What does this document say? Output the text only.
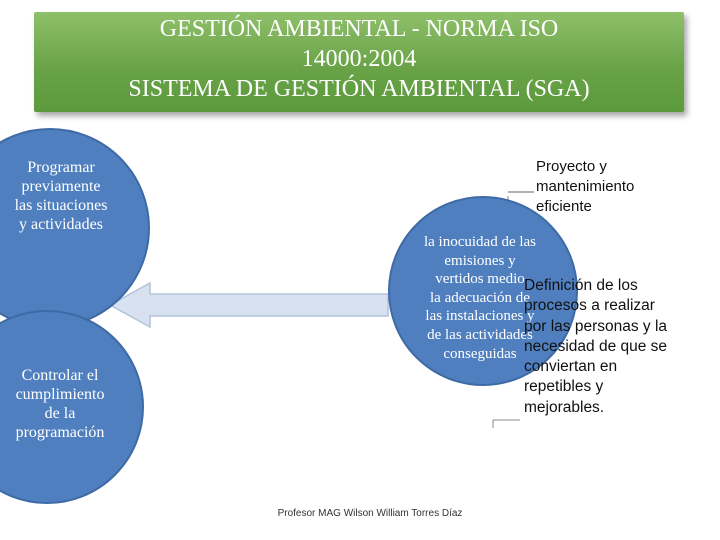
GESTIÓN AMBIENTAL - NORMA ISO
14000:2004
SISTEMA DE GESTIÓN AMBIENTAL (SGA)
Programar
previamente
las situaciones
y actividades
Controlar el
cumplimiento
de la
programación
la inocuidad de las
emisiones y
vertidos medio
la adecuación de
las instalaciones y
de las actividades
conseguidas
Proyecto y
mantenimiento
eficiente
Definición de los
procesos a realizar
por las personas y la
necesidad de que se
conviertan en
repetibles y
mejorables.
Profesor MAG Wilson William Torres Díaz
